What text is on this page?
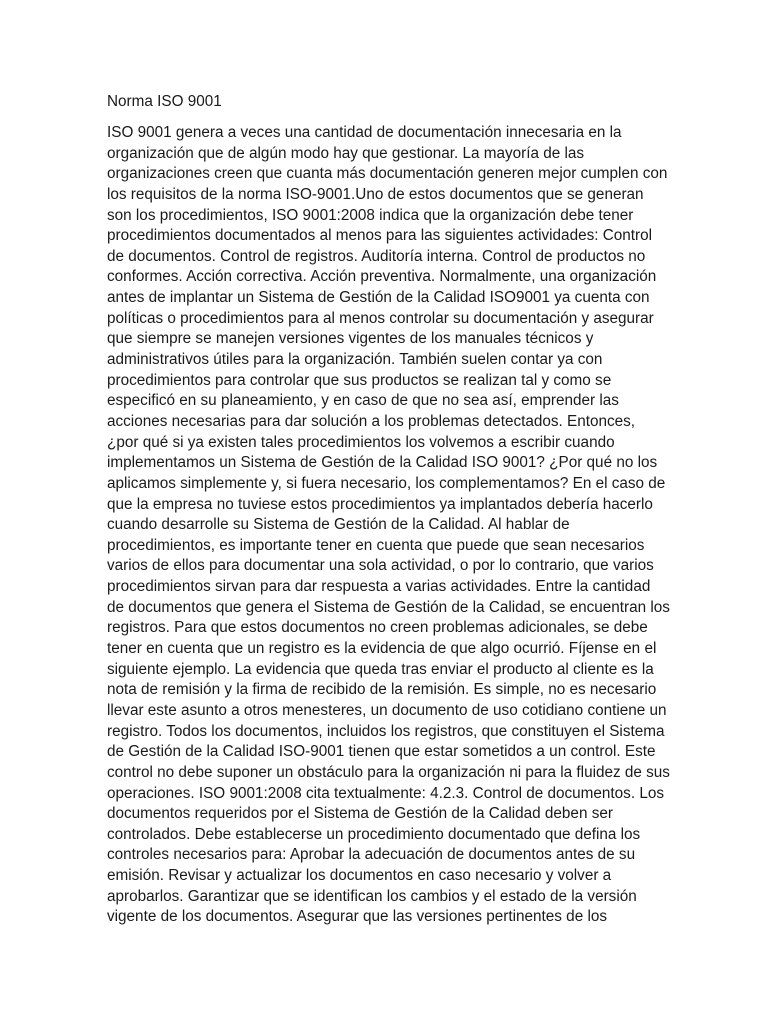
Norma ISO 9001
ISO 9001 genera a veces una cantidad de documentación innecesaria en la
organización que de algún modo hay que gestionar. La mayoría de las
organizaciones creen que cuanta más documentación generen mejor cumplen con
los requisitos de la norma ISO-9001.Uno de estos documentos que se generan
son los procedimientos, ISO 9001:2008 indica que la organización debe tener
procedimientos documentados al menos para las siguientes actividades: Control
de documentos. Control de registros. Auditoría interna. Control de productos no
conformes. Acción correctiva. Acción preventiva. Normalmente, una organización
antes de implantar un Sistema de Gestión de la Calidad ISO9001 ya cuenta con
políticas o procedimientos para al menos controlar su documentación y asegurar
que siempre se manejen versiones vigentes de los manuales técnicos y
administrativos útiles para la organización. También suelen contar ya con
procedimientos para controlar que sus productos se realizan tal y como se
especificó en su planeamiento, y en caso de que no sea así, emprender las
acciones necesarias para dar solución a los problemas detectados. Entonces,
¿por qué si ya existen tales procedimientos los volvemos a escribir cuando
implementamos un Sistema de Gestión de la Calidad ISO 9001? ¿Por qué no los
aplicamos simplemente y, si fuera necesario, los complementamos? En el caso de
que la empresa no tuviese estos procedimientos ya implantados debería hacerlo
cuando desarrolle su Sistema de Gestión de la Calidad. Al hablar de
procedimientos, es importante tener en cuenta que puede que sean necesarios
varios de ellos para documentar una sola actividad, o por lo contrario, que varios
procedimientos sirvan para dar respuesta a varias actividades. Entre la cantidad
de documentos que genera el Sistema de Gestión de la Calidad, se encuentran los
registros. Para que estos documentos no creen problemas adicionales, se debe
tener en cuenta que un registro es la evidencia de que algo ocurrió. Fíjense en el
siguiente ejemplo. La evidencia que queda tras enviar el producto al cliente es la
nota de remisión y la firma de recibido de la remisión. Es simple, no es necesario
llevar este asunto a otros menesteres, un documento de uso cotidiano contiene un
registro. Todos los documentos, incluidos los registros, que constituyen el Sistema
de Gestión de la Calidad ISO-9001 tienen que estar sometidos a un control. Este
control no debe suponer un obstáculo para la organización ni para la fluidez de sus
operaciones. ISO 9001:2008 cita textualmente: 4.2.3. Control de documentos. Los
documentos requeridos por el Sistema de Gestión de la Calidad deben ser
controlados. Debe establecerse un procedimiento documentado que defina los
controles necesarios para: Aprobar la adecuación de documentos antes de su
emisión. Revisar y actualizar los documentos en caso necesario y volver a
aprobarlos. Garantizar que se identifican los cambios y el estado de la versión
vigente de los documentos. Asegurar que las versiones pertinentes de los
